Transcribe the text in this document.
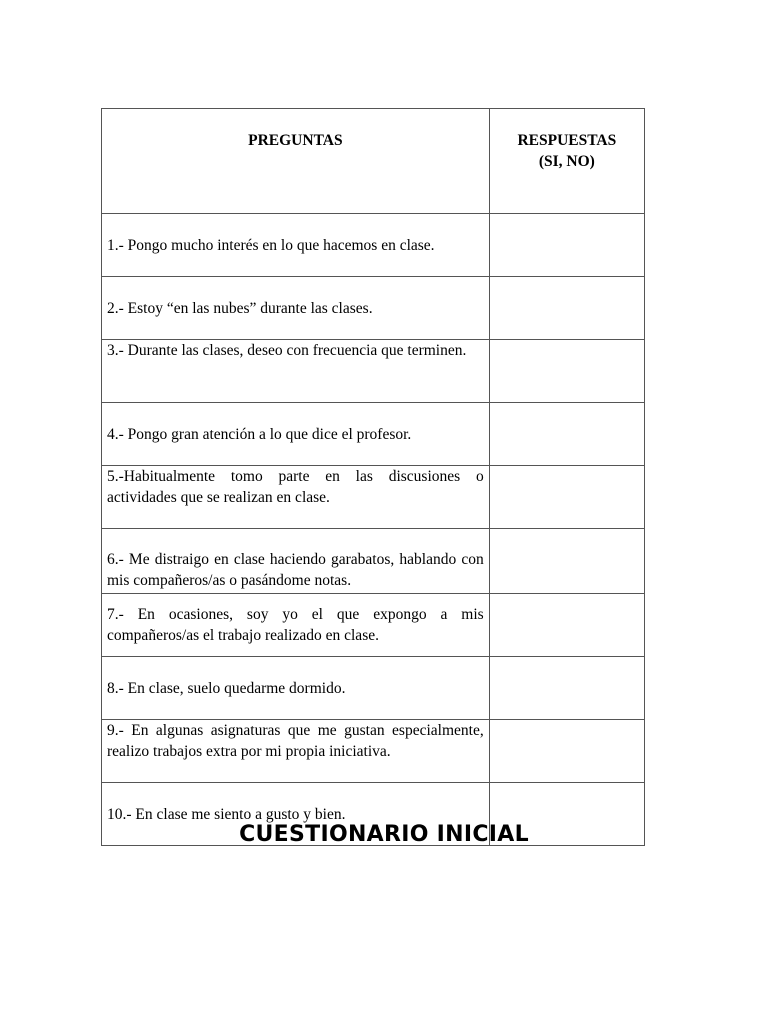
PREGUNTAS	RESPUESTAS
(SI, NO)

1.- Pongo mucho interés en lo que hacemos en clase.	
2.- Estoy “en las nubes” durante las clases.	
3.- Durante las clases, deseo con frecuencia que terminen.	
4.- Pongo gran atención a lo que dice el profesor.	
5.-Habitualmente tomo parte en las discusiones o actividades que se realizan en clase.	
6.- Me distraigo en clase haciendo garabatos, hablando con mis compañeros/as o pasándome notas.	
7.- En ocasiones, soy yo el que expongo a mis compañeros/as el trabajo realizado en clase.	
8.- En clase, suelo quedarme dormido.	
9.- En algunas asignaturas que me gustan especialmente, realizo trabajos extra por mi propia iniciativa.	
10.- En clase me siento a gusto y bien.	
CUESTIONARIO INICIAL
